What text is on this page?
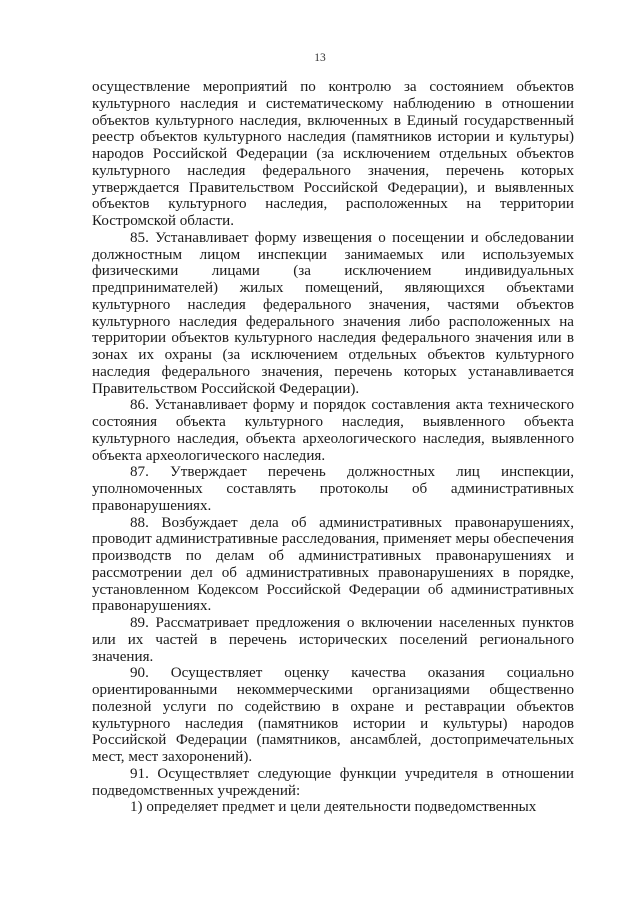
13

осуществление мероприятий по контролю за состоянием объектов культурного наследия и систематическому наблюдению в отношении объектов культурного наследия, включенных в Единый государственный реестр объектов культурного наследия (памятников истории и культуры) народов Российской Федерации (за исключением отдельных объектов культурного наследия федерального значения, перечень которых утверждается Правительством Российской Федерации), и выявленных объектов культурного наследия, расположенных на территории Костромской области.

85. Устанавливает форму извещения о посещении и обследовании должностным лицом инспекции занимаемых или используемых физическими лицами (за исключением индивидуальных предпринимателей) жилых помещений, являющихся объектами культурного наследия федерального значения, частями объектов культурного наследия федерального значения либо расположенных на территории объектов культурного наследия федерального значения или в зонах их охраны (за исключением отдельных объектов культурного наследия федерального значения, перечень которых устанавливается Правительством Российской Федерации).

86. Устанавливает форму и порядок составления акта технического состояния объекта культурного наследия, выявленного объекта культурного наследия, объекта археологического наследия, выявленного объекта археологического наследия.

87. Утверждает перечень должностных лиц инспекции, уполномоченных составлять протоколы об административных правонарушениях.

88. Возбуждает дела об административных правонарушениях, проводит административные расследования, применяет меры обеспечения производств по делам об административных правонарушениях и рассмотрении дел об административных правонарушениях в порядке, установленном Кодексом Российской Федерации об административных правонарушениях.

89. Рассматривает предложения о включении населенных пунктов или их частей в перечень исторических поселений регионального значения.

90. Осуществляет оценку качества оказания социально ориентированными некоммерческими организациями общественно полезной услуги по содействию в охране и реставрации объектов культурного наследия (памятников истории и культуры) народов Российской Федерации (памятников, ансамблей, достопримечательных мест, мест захоронений).

91. Осуществляет следующие функции учредителя в отношении подведомственных учреждений:

1) определяет предмет и цели деятельности подведомственных
